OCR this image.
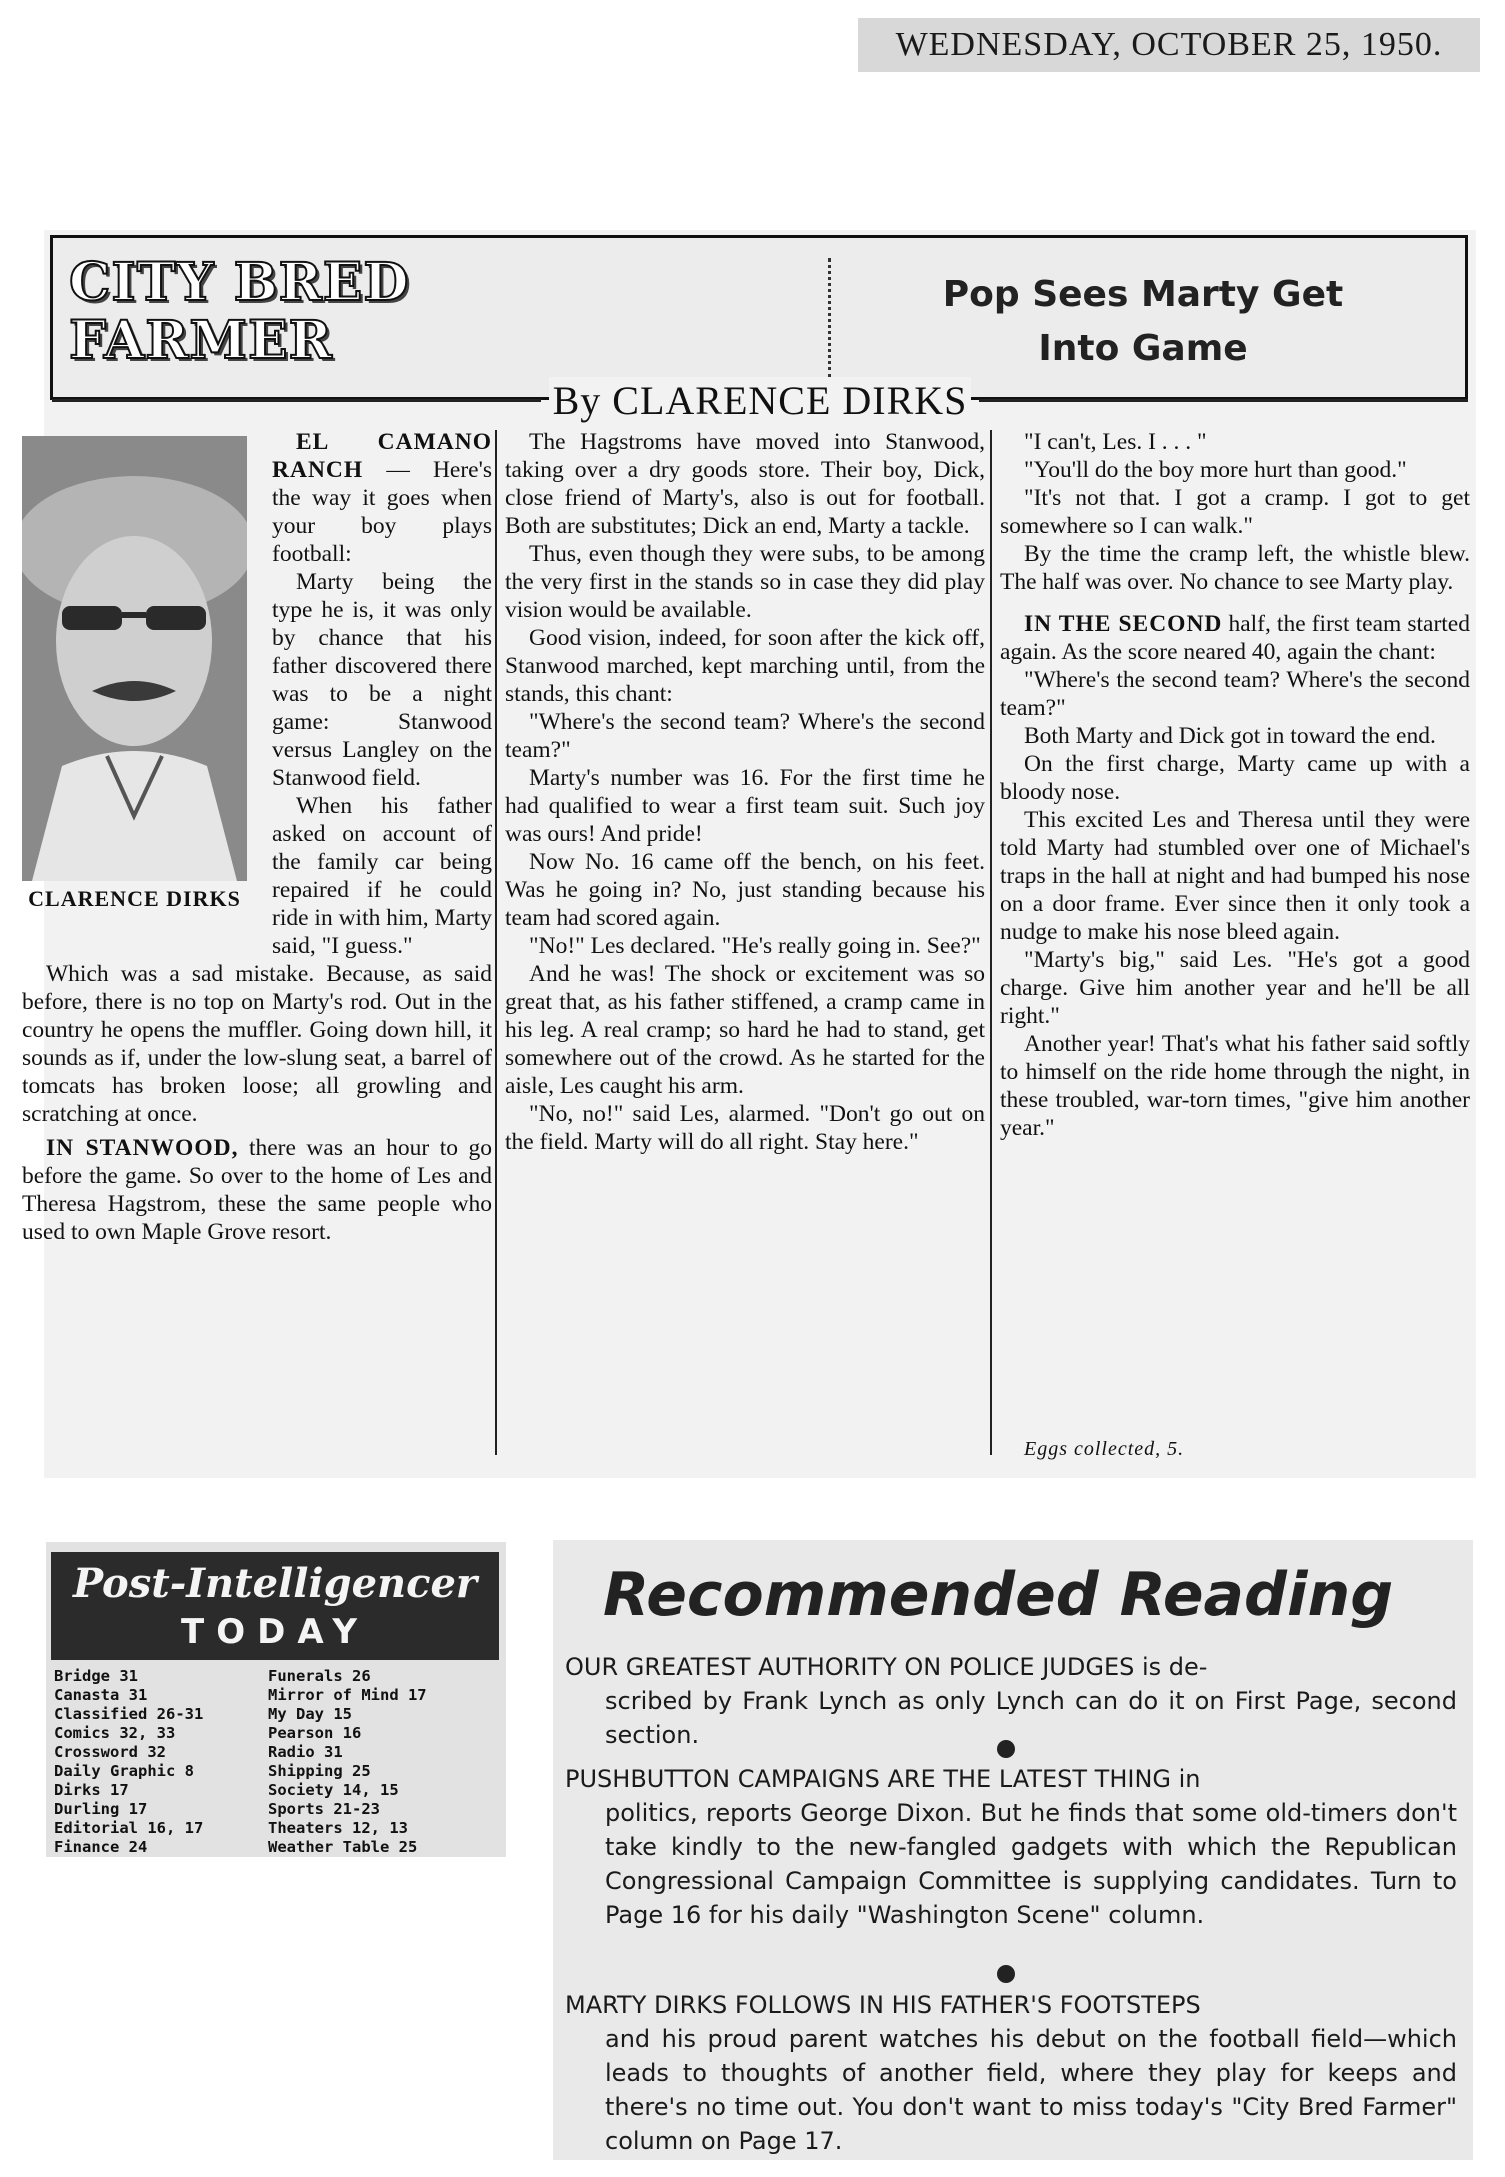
WEDNESDAY, OCTOBER 25, 1950.
CITY BRED FARMER
Pop Sees Marty Get Into Game
By CLARENCE DIRKS
CLARENCE DIRKS

EL CAMANO RANCH — Here's the way it goes when your boy plays football:

Marty being the type he is, it was only by chance that his father discovered there was to be a night game: Stanwood versus Langley on the Stanwood field.

When his father asked on account of the family car being repaired if he could ride in with him, Marty said, "I guess."

Which was a sad mistake. Because, as said before, there is no top on Marty's rod. Out in the country he opens the muffler. Going down hill, it sounds as if, under the low-slung seat, a barrel of tomcats has broken loose; all growling and scratching at once.

IN STANWOOD, there was an hour to go before the game. So over to the home of Les and Theresa Hagstrom, these the same people who used to own Maple Grove resort.

The Hagstroms have moved into Stanwood, taking over a dry goods store. Their boy, Dick, close friend of Marty's, also is out for football. Both are substitutes; Dick an end, Marty a tackle.

Thus, even though they were subs, to be among the very first in the stands so in case they did play vision would be available.

Good vision, indeed, for soon after the kick off, Stanwood marched, kept marching until, from the stands, this chant:

"Where's the second team? Where's the second team?"

Marty's number was 16. For the first time he had qualified to wear a first team suit. Such joy was ours! And pride!

Now No. 16 came off the bench, on his feet. Was he going in? No, just standing because his team had scored again.

"No!" Les declared. "He's really going in. See?"

And he was! The shock or excitement was so great that, as his father stiffened, a cramp came in his leg. A real cramp; so hard he had to stand, get somewhere out of the crowd. As he started for the aisle, Les caught his arm.

"No, no!" said Les, alarmed. "Don't go out on the field. Marty will do all right. Stay here."

"I can't, Les. I . . . "

"You'll do the boy more hurt than good."

"It's not that. I got a cramp. I got to get somewhere so I can walk."

By the time the cramp left, the whistle blew. The half was over. No chance to see Marty play.

IN THE SECOND half, the first team started again. As the score neared 40, again the chant:

"Where's the second team? Where's the second team?"

Both Marty and Dick got in toward the end.

On the first charge, Marty came up with a bloody nose.

This excited Les and Theresa until they were told Marty had stumbled over one of Michael's traps in the hall at night and had bumped his nose on a door frame. Ever since then it only took a nudge to make his nose bleed again.

"Marty's big," said Les. "He's got a good charge. Give him another year and he'll be all right."

Another year! That's what his father said softly to himself on the ride home through the night, in these troubled, war-torn times, "give him another year."

Eggs collected, 5.
Post-Intelligencer
TODAY
Bridge 31
Canasta 31
Classified 26-31
Comics 32, 33
Crossword 32
Daily Graphic 8
Dirks 17
Durling 17
Editorial 16, 17
Finance 24
Funerals 26
Mirror of Mind 17
My Day 15
Pearson 16
Radio 31
Shipping 25
Society 14, 15
Sports 21-23
Theaters 12, 13
Weather Table 25
Recommended Reading
OUR GREATEST AUTHORITY ON POLICE JUDGES is de-
scribed by Frank Lynch as only Lynch can do it on First Page, second section.
PUSHBUTTON CAMPAIGNS ARE THE LATEST THING in
politics, reports George Dixon. But he finds that some old-timers don't take kindly to the new-fangled gadgets with which the Republican Congressional Campaign Committee is supplying candidates. Turn to Page 16 for his daily "Washington Scene" column.
MARTY DIRKS FOLLOWS IN HIS FATHER'S FOOTSTEPS
and his proud parent watches his debut on the football field—which leads to thoughts of another field, where they play for keeps and there's no time out. You don't want to miss today's "City Bred Farmer" column on Page 17.
